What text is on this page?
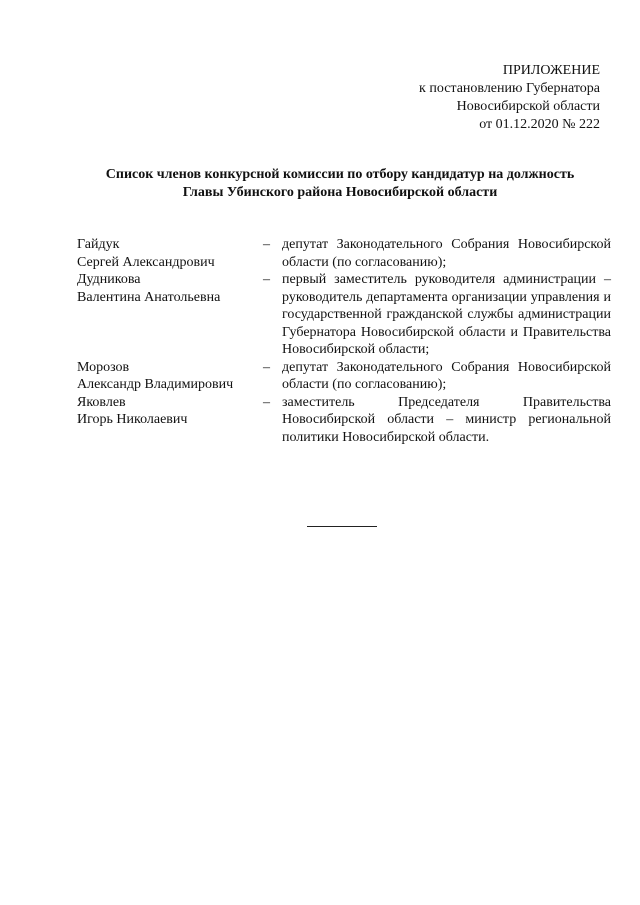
ПРИЛОЖЕНИЕ
к постановлению Губернатора
Новосибирской области
от 01.12.2020 № 222
Список членов конкурсной комиссии по отбору кандидатур на должность
Главы Убинского района Новосибирской области
Гайдук
Сергей Александрович
– депутат Законодательного Собрания Новосибирской области (по согласованию);
Дудникова
Валентина Анатольевна
– первый заместитель руководителя администрации – руководитель департамента организации управления и государственной гражданской службы администрации Губернатора Новосибирской области и Правительства Новосибирской области;
Морозов
Александр Владимирович
– депутат Законодательного Собрания Новосибирской области (по согласованию);
Яковлев
Игорь Николаевич
– заместитель Председателя Правительства Новосибирской области – министр региональной политики Новосибирской области.
